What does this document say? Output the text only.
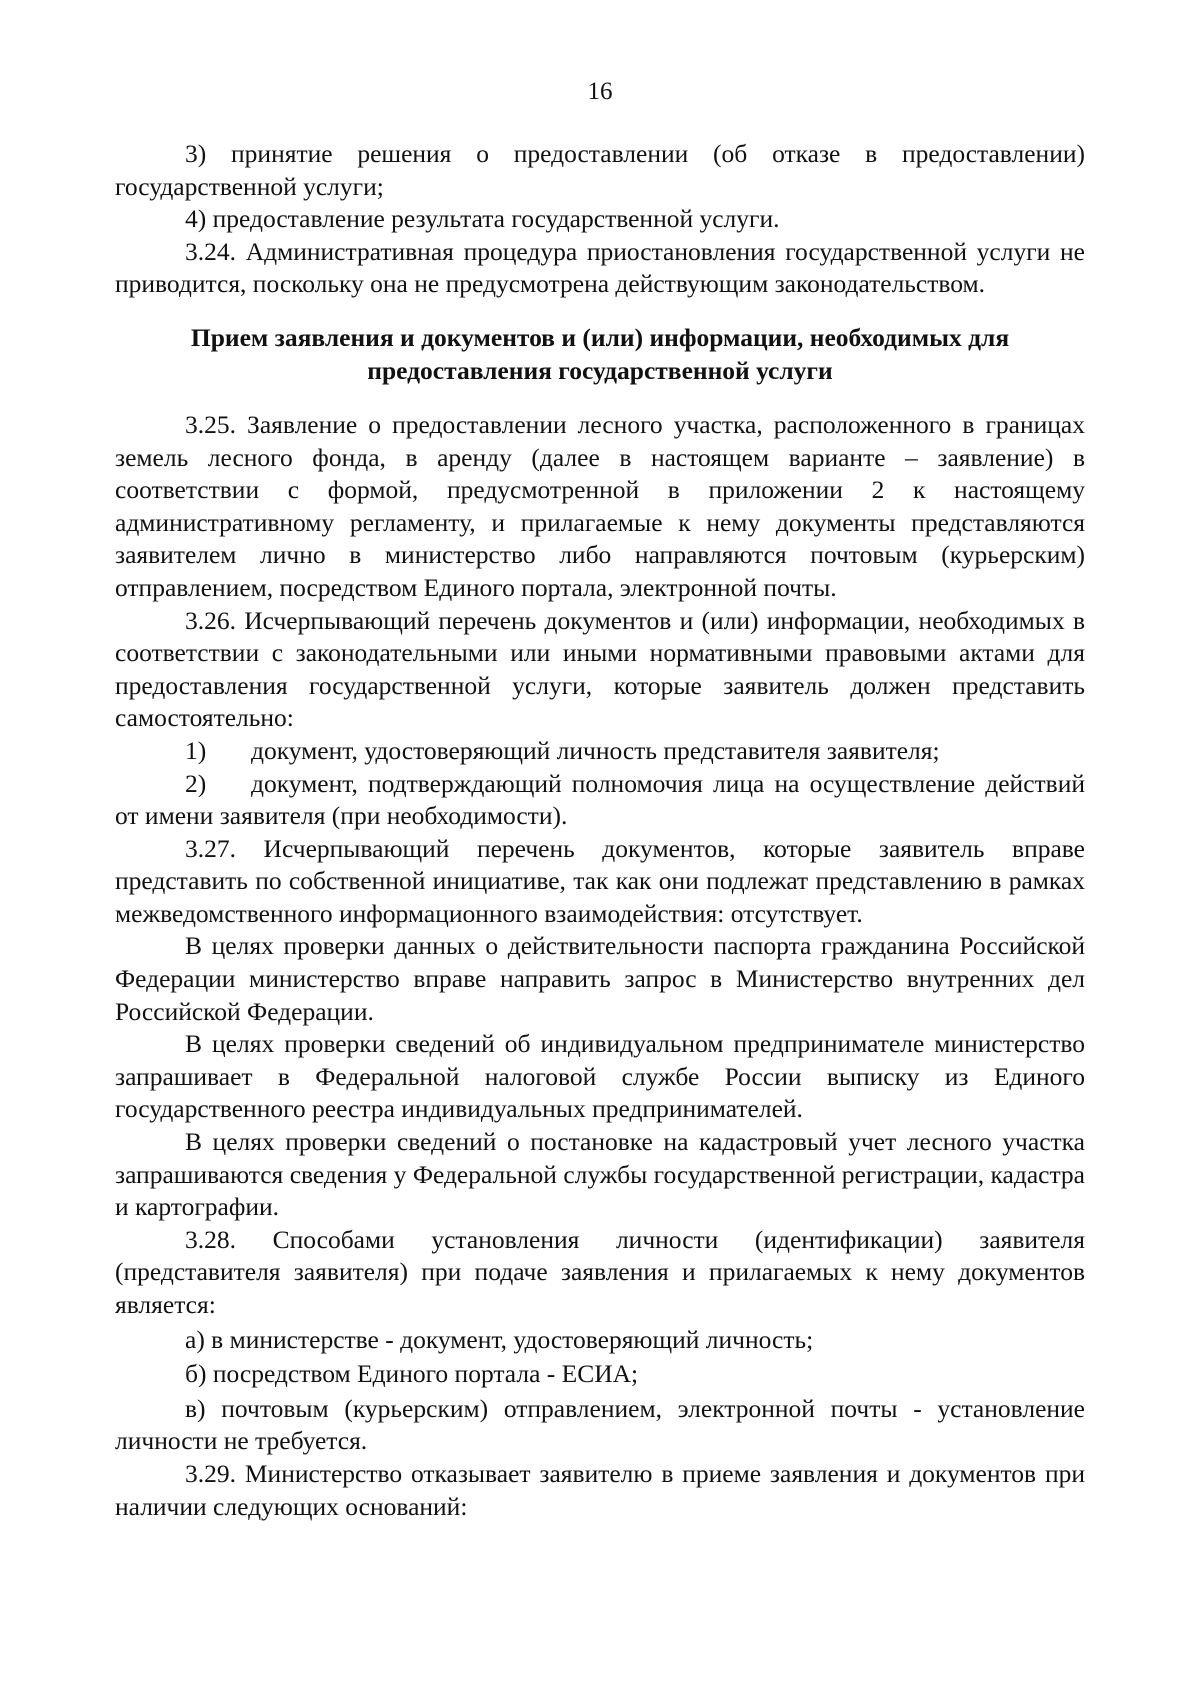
16

3) принятие решения о предоставлении (об отказе в предоставлении) государственной услуги;

4) предоставление результата государственной услуги.

3.24. Административная процедура приостановления государственной услуги не приводится, поскольку она не предусмотрена действующим законодательством.

Прием заявления и документов и (или) информации, необходимых для предоставления государственной услуги

3.25. Заявление о предоставлении лесного участка, расположенного в границах земель лесного фонда, в аренду (далее в настоящем варианте – заявление) в соответствии с формой, предусмотренной в приложении 2 к настоящему административному регламенту, и прилагаемые к нему документы представляются заявителем лично в министерство либо направляются почтовым (курьерским) отправлением, посредством Единого портала, электронной почты.

3.26. Исчерпывающий перечень документов и (или) информации, необходимых в соответствии с законодательными или иными нормативными правовыми актами для предоставления государственной услуги, которые заявитель должен представить самостоятельно:

1) документ, удостоверяющий личность представителя заявителя;

2) документ, подтверждающий полномочия лица на осуществление действий от имени заявителя (при необходимости).

3.27. Исчерпывающий перечень документов, которые заявитель вправе представить по собственной инициативе, так как они подлежат представлению в рамках межведомственного информационного взаимодействия: отсутствует.

В целях проверки данных о действительности паспорта гражданина Российской Федерации министерство вправе направить запрос в Министерство внутренних дел Российской Федерации.

В целях проверки сведений об индивидуальном предпринимателе министерство запрашивает в Федеральной налоговой службе России выписку из Единого государственного реестра индивидуальных предпринимателей.

В целях проверки сведений о постановке на кадастровый учет лесного участка запрашиваются сведения у Федеральной службы государственной регистрации, кадастра и картографии.

3.28. Способами установления личности (идентификации) заявителя (представителя заявителя) при подаче заявления и прилагаемых к нему документов является:

а) в министерстве - документ, удостоверяющий личность;

б) посредством Единого портала - ЕСИА;

в) почтовым (курьерским) отправлением, электронной почты - установление личности не требуется.

3.29. Министерство отказывает заявителю в приеме заявления и документов при наличии следующих оснований:
